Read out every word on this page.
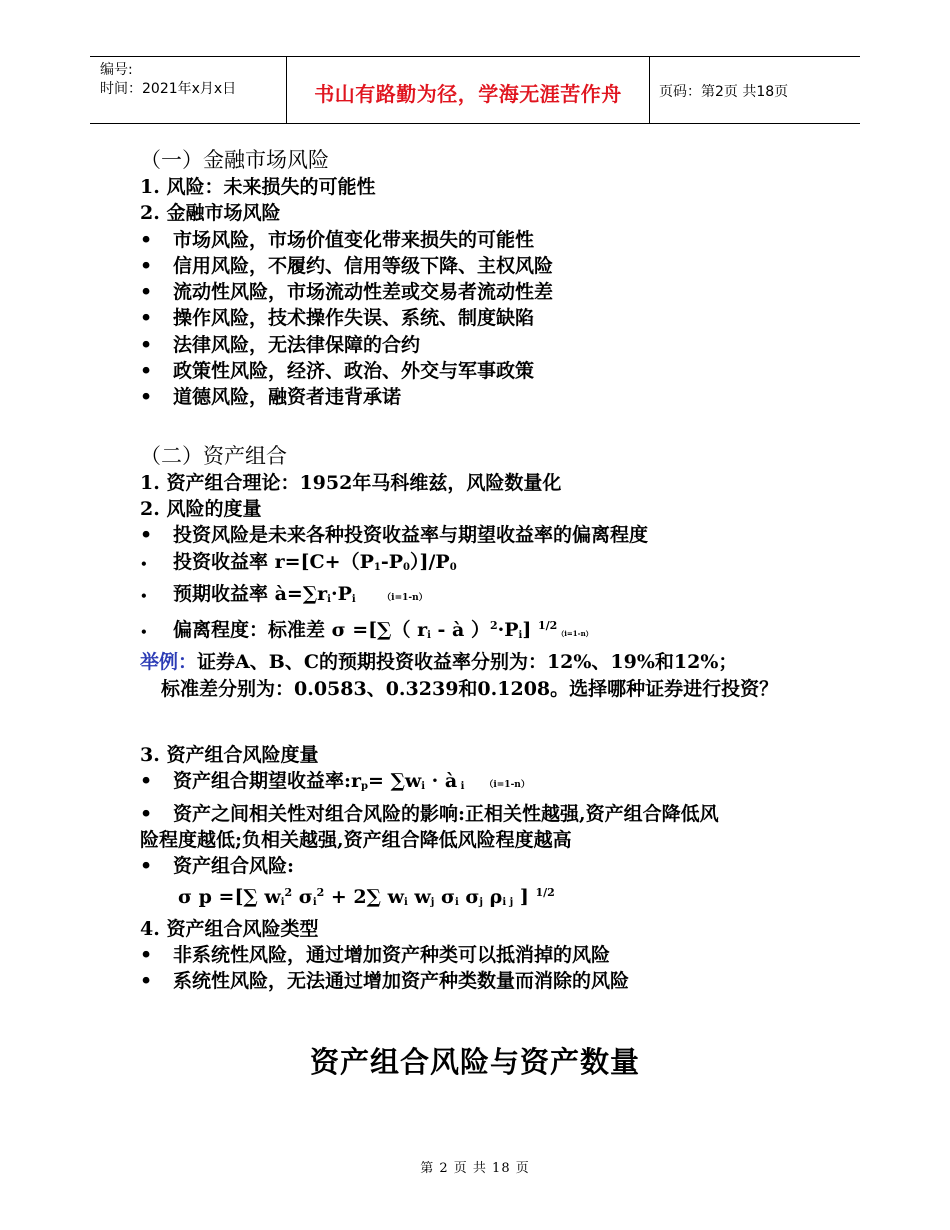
编号:
时间：2021年x月x日	书山有路勤为径，学海无涯苦作舟	页码：第2页 共18页
（一）金融市场风险
1. 风险：未来损失的可能性
2. 金融市场风险
• 市场风险，市场价值变化带来损失的可能性
• 信用风险，不履约、信用等级下降、主权风险
• 流动性风险，市场流动性差或交易者流动性差
• 操作风险，技术操作失误、系统、制度缺陷
• 法律风险，无法律保障的合约
• 政策性风险，经济、政治、外交与军事政策
• 道德风险，融资者违背承诺
（二）资产组合
1. 资产组合理论：1952年马科维兹，风险数量化
2. 风险的度量
• 投资风险是未来各种投资收益率与期望收益率的偏离程度
• 投资收益率 $r=[C+(P_1-P_0)]/P_0$
• 预期收益率 $à=\sum r_i\cdot P_i$	（i=1-n）
• 偏离程度：标准差 σ =[∑（ $r_i$ - à ）$^2\cdot P_i$] $^{1/2}$（i=1-n）
举例：证券A、B、C的预期投资收益率分别为：12%、19%和12%；
标准差分别为：0.0583、0.3239和0.1208。选择哪种证券进行投资？
3. 资产组合风险度量
• 资产组合期望收益率$:r_p= \sum w_i$ · à $_i$ （i=1-n）
• 资产之间相关性对组合风险的影响:正相关性越强,资产组合降低风
险程度越低;负相关越强,资产组合降低风险程度越高
• 资产组合风险:
σ p =[∑ $w_i^2$ $\sigma_i^2 + 2\sum$ $w_i$ $w_j$ $\sigma_i$ $\sigma_j$ $\rho_{i j}$ ] $^{1/2}$
4. 资产组合风险类型
• 非系统性风险，通过增加资产种类可以抵消掉的风险
• 系统性风险，无法通过增加资产种类数量而消除的风险
资产组合风险与资产数量
第 2 页 共 18 页
